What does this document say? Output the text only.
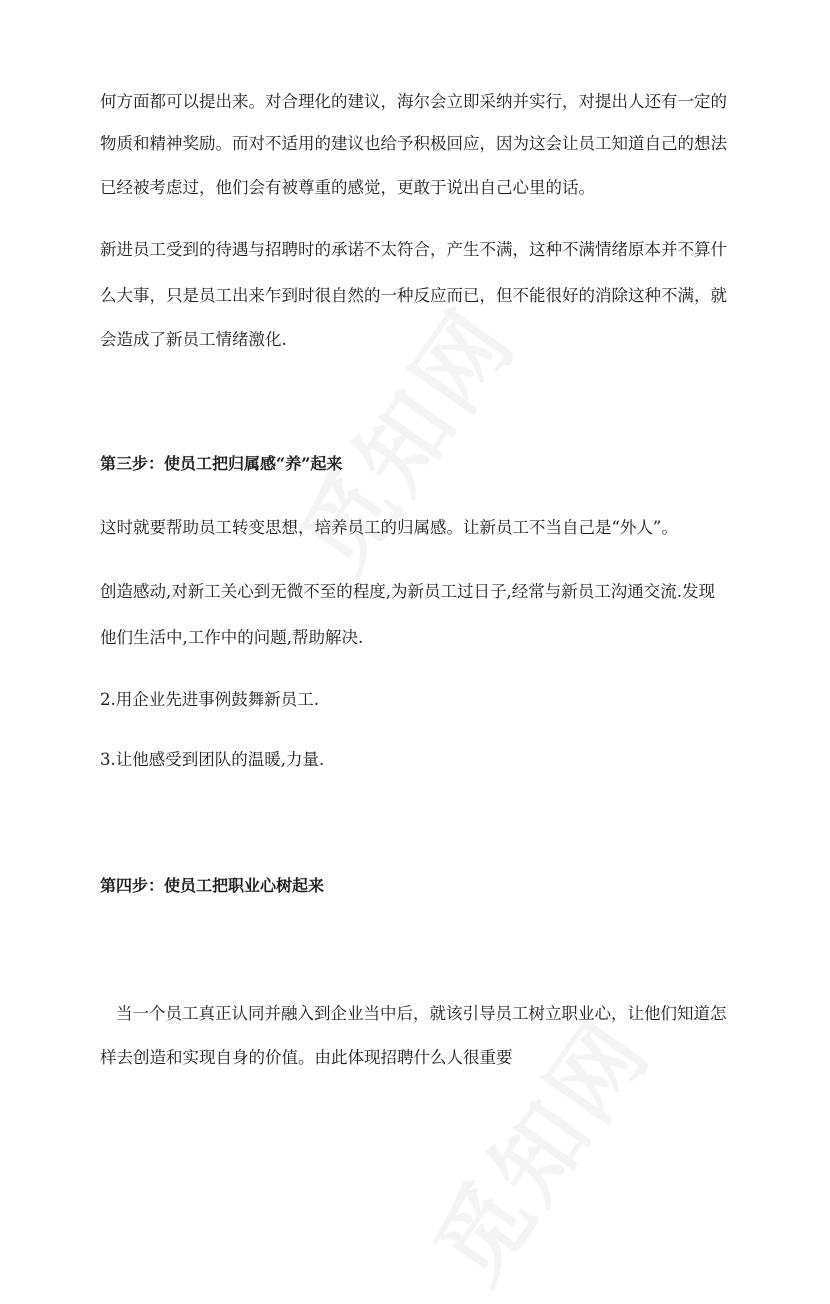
何方面都可以提出来。对合理化的建议，海尔会立即采纳并实行，对提出人还有一定的
物质和精神奖励。而对不适用的建议也给予积极回应，因为这会让员工知道自己的想法
已经被考虑过，他们会有被尊重的感觉，更敢于说出自己心里的话。
新进员工受到的待遇与招聘时的承诺不太符合，产生不满，这种不满情绪原本并不算什
么大事，只是员工出来乍到时很自然的一种反应而已，但不能很好的消除这种不满，就
会造成了新员工情绪激化.
第三步：使员工把归属感“养”起来
这时就要帮助员工转变思想，培养员工的归属感。让新员工不当自己是“外人”。
创造感动,对新工关心到无微不至的程度,为新员工过日子,经常与新员工沟通交流.发现
他们生活中,工作中的问题,帮助解决.
2.用企业先进事例鼓舞新员工.
3.让他感受到团队的温暖,力量.
第四步：使员工把职业心树起来
当一个员工真正认同并融入到企业当中后，就该引导员工树立职业心，让他们知道怎
样去创造和实现自身的价值。由此体现招聘什么人很重要
